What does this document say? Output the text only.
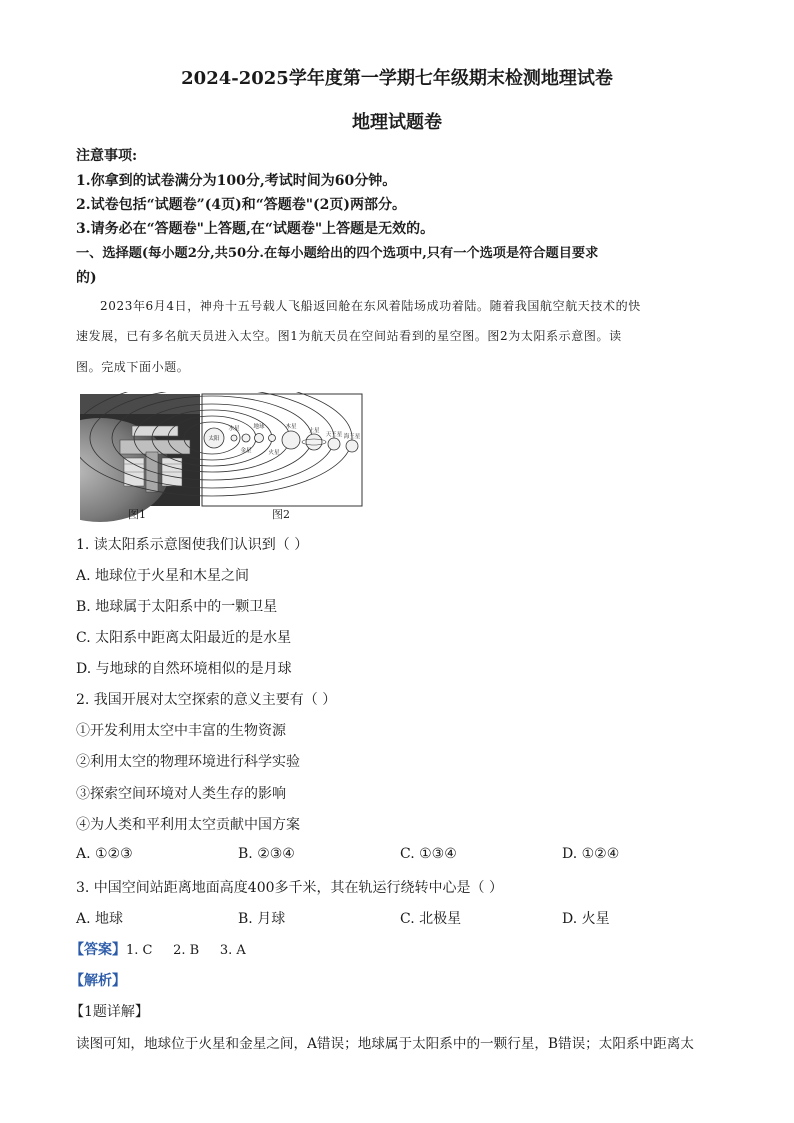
2024-2025学年度第一学期七年级期末检测地理试卷
地理试题卷
注意事项:
1.你拿到的试卷满分为100分,考试时间为60分钟。
2.试卷包括“试题卷”(4页)和“答题卷"(2页)两部分。
3.请务必在“答题卷"上答题,在“试题卷"上答题是无效的。
一、选择题(每小题2分,共50分.在每小题给出的四个选项中,只有一个选项是符合题目要求
的)
2023年6月4日，神舟十五号载人飞船返回舱在东风着陆场成功着陆。随着我国航空航天技术的快
速发展，已有多名航天员进入太空。图1为航天员在空间站看到的星空图。图2为太阳系示意图。读
图。完成下面小题。
太阳
水星
金星
地球
火星
木星
土星
天王星 海王星
图1	图2
1. 读太阳系示意图使我们认识到（ ）
A. 地球位于火星和木星之间
B. 地球属于太阳系中的一颗卫星
C. 太阳系中距离太阳最近的是水星
D. 与地球的自然环境相似的是月球
2. 我国开展对太空探索的意义主要有（ ）
①开发利用太空中丰富的生物资源
②利用太空的物理环境进行科学实验
③探索空间环境对人类生存的影响
④为人类和平利用太空贡献中国方案
A. ①②③	B. ②③④	C. ①③④	D. ①②④
3. 中国空间站距离地面高度400多千米，其在轨运行绕转中心是（ ）
A. 地球	B. 月球	C. 北极星	D. 火星
【答案】1. C     2. B     3. A
【解析】
【1题详解】
读图可知，地球位于火星和金星之间，A错误；地球属于太阳系中的一颗行星，B错误；太阳系中距离太
